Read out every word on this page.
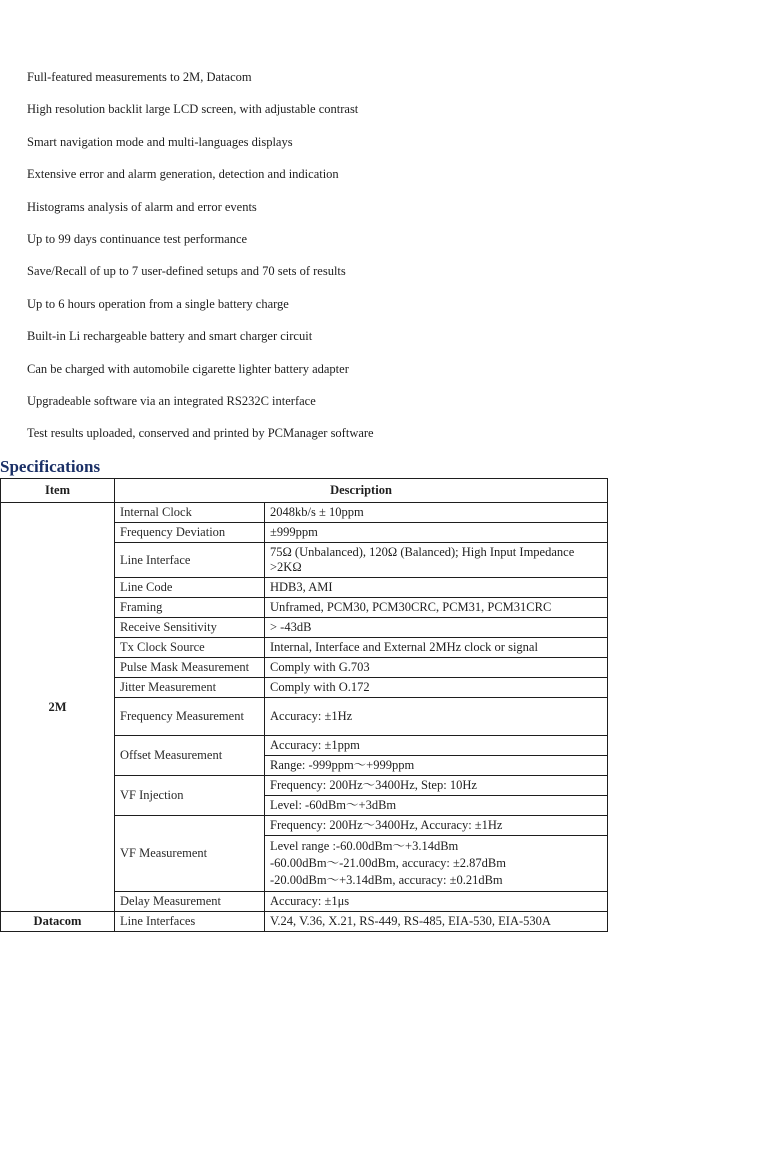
Full-featured measurements to 2M, Datacom
High resolution backlit large LCD screen, with adjustable contrast
Smart navigation mode and multi-languages displays
Extensive error and alarm generation, detection and indication
Histograms analysis of alarm and error events
Up to 99 days continuance test performance
Save/Recall of up to 7 user-defined setups and 70 sets of results
Up to 6 hours operation from a single battery charge
Built-in Li rechargeable battery and smart charger circuit
Can be charged with automobile cigarette lighter battery adapter
Upgradeable software via an integrated RS232C interface
Test results uploaded, conserved and printed by PCManager software
Specifications
Item	Description	
2M	Internal Clock	2048kb/s ± 10ppm
	Frequency Deviation	±999ppm
	Line Interface	75Ω (Unbalanced), 120Ω (Balanced); High Input Impedance >2KΩ
	Line Code	HDB3, AMI
	Framing	Unframed, PCM30, PCM30CRC, PCM31, PCM31CRC
	Receive Sensitivity	> -43dB
	Tx Clock Source	Internal, Interface and External 2MHz clock or signal
	Pulse Mask Measurement	Comply with G.703
	Jitter Measurement	Comply with O.172
	Frequency Measurement	Accuracy: ±1Hz
	Offset Measurement	Accuracy: ±1ppm
		Range: -999ppm～+999ppm
	VF Injection	Frequency: 200Hz～3400Hz, Step: 10Hz
		Level: -60dBm～+3dBm
	VF Measurement	Frequency: 200Hz～3400Hz, Accuracy: ±1Hz

		Level range :-60.00dBm～+3.14dBm
-60.00dBm～-21.00dBm, accuracy: ±2.87dBm
-20.00dBm～+3.14dBm, accuracy: ±0.21dBm

	Delay Measurement	Accuracy: ±1μs

Datacom	Line Interfaces	V.24, V.36, X.21, RS-449, RS-485, EIA-530, EIA-530A
